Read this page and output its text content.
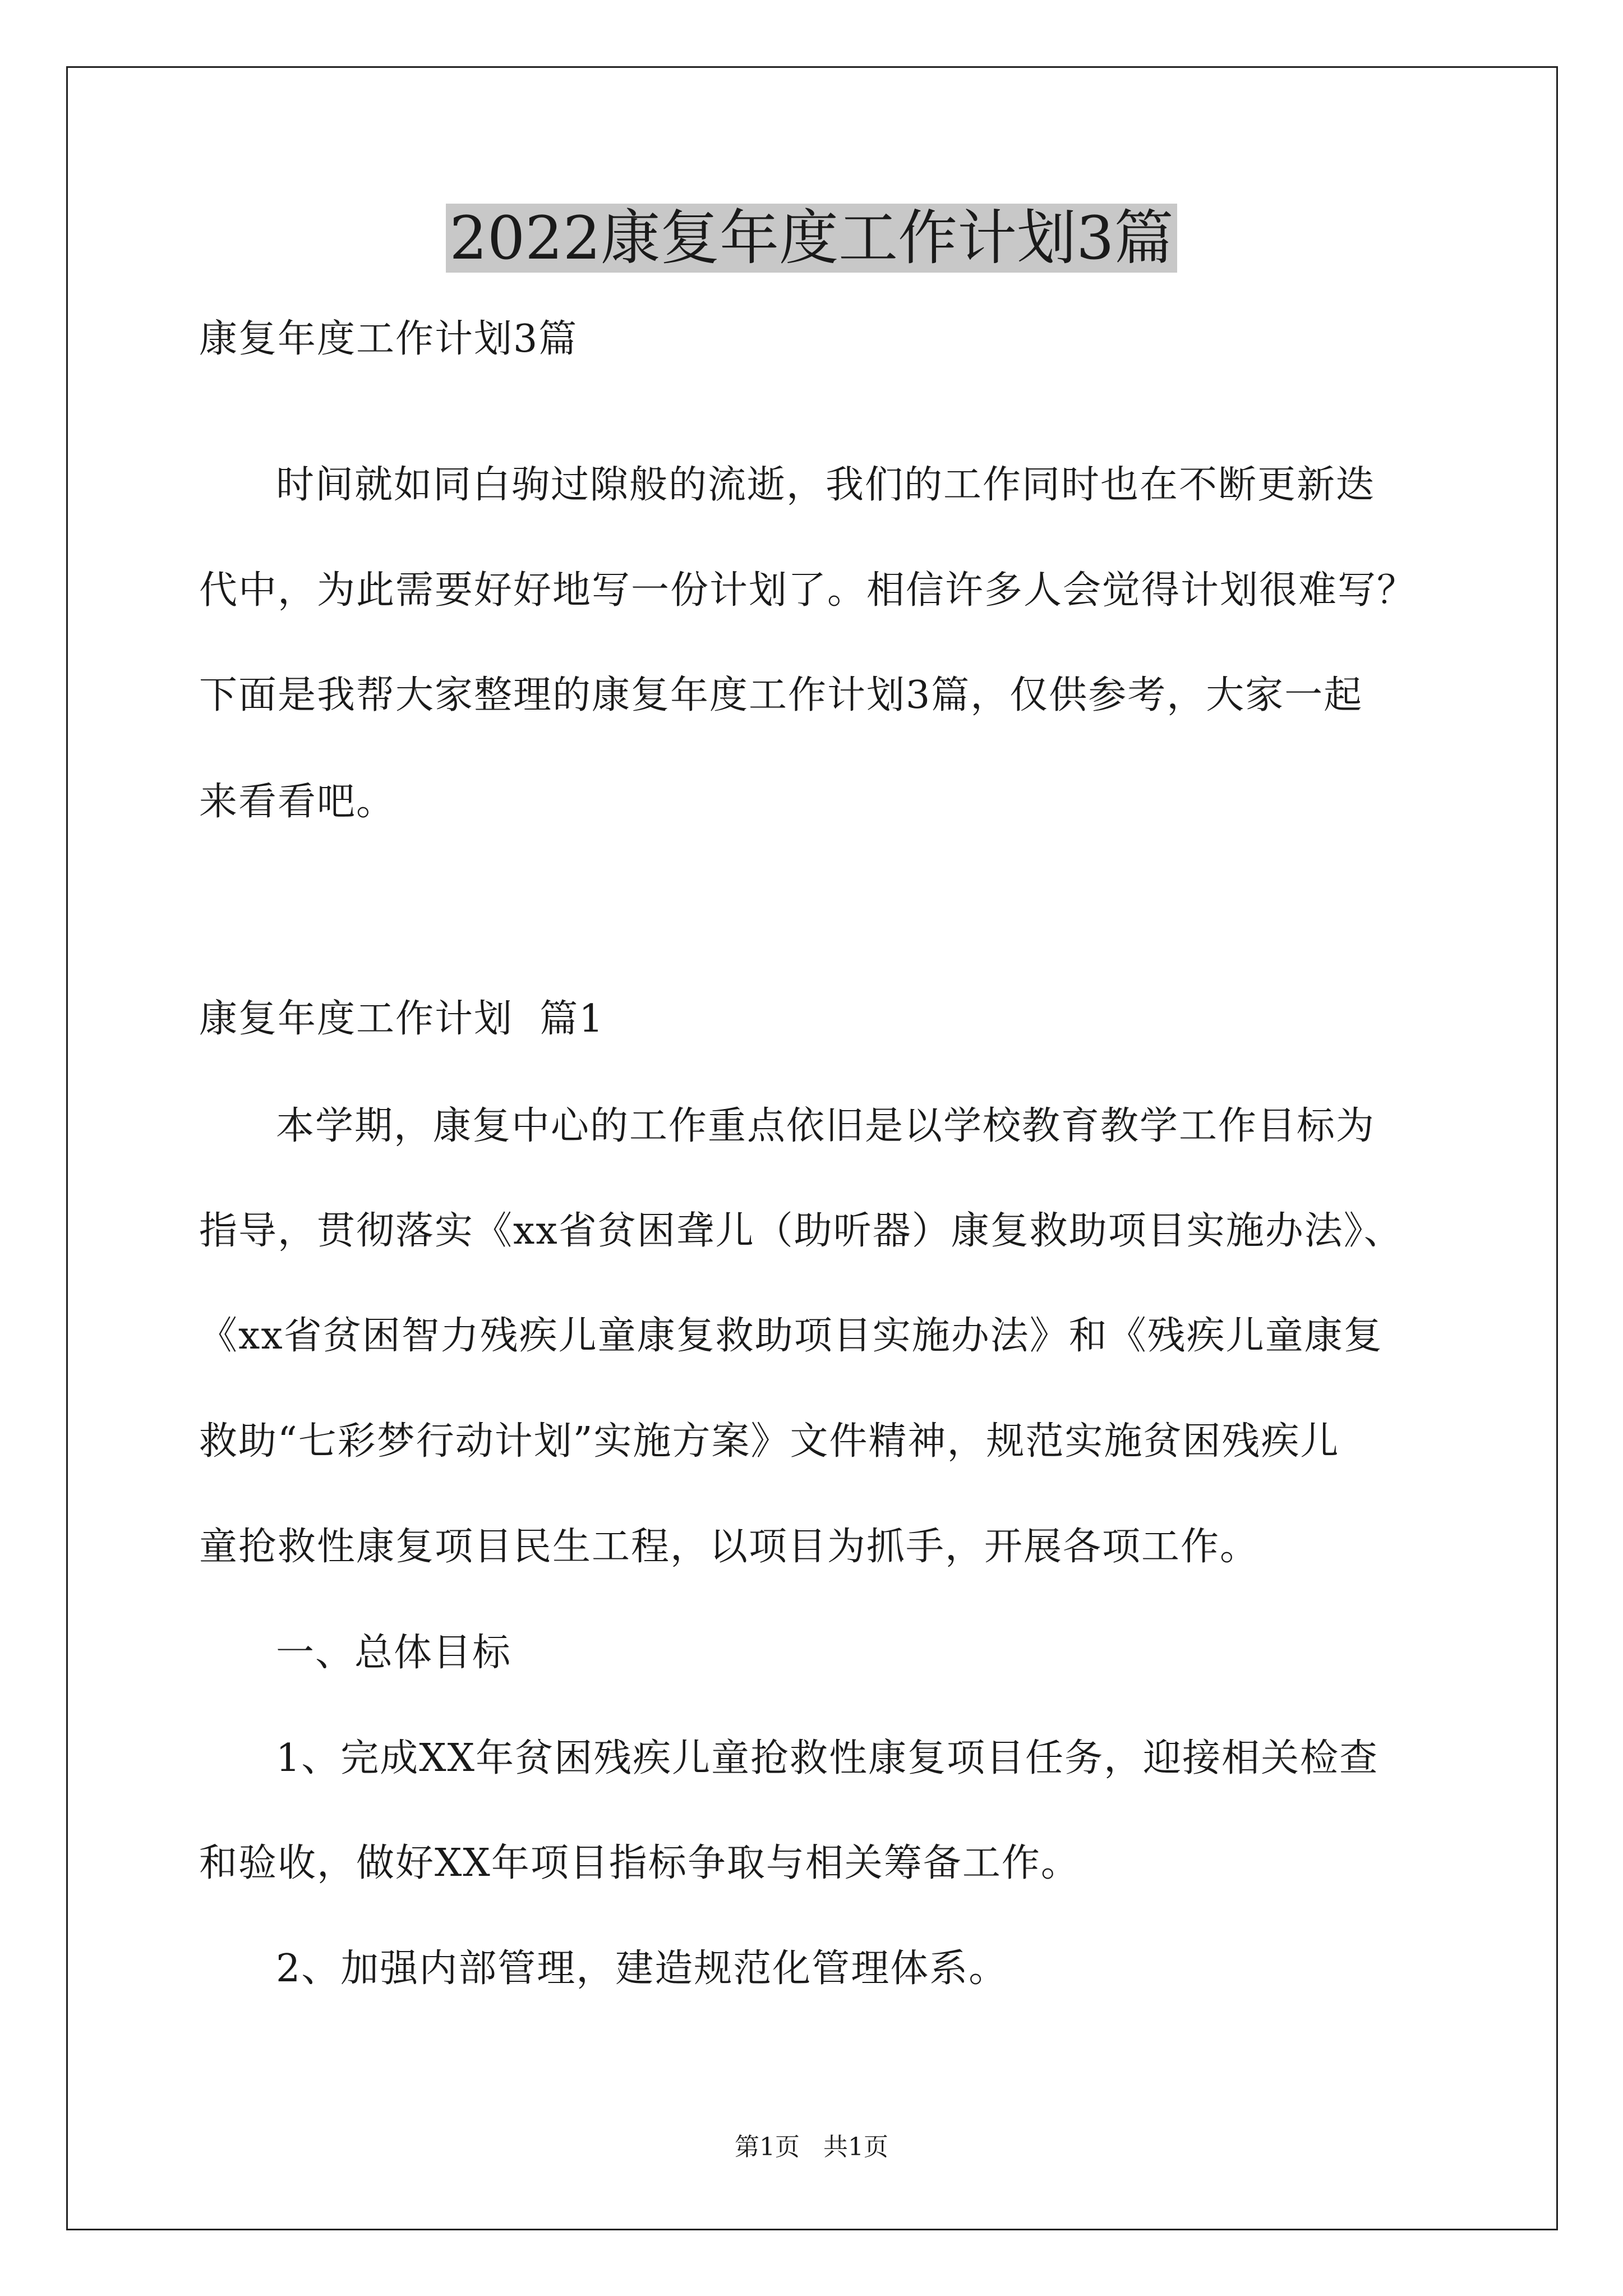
2022康复年度工作计划3篇

康复年度工作计划3篇

时间就如同白驹过隙般的流逝，我们的工作同时也在不断更新迭

代中，为此需要好好地写一份计划了。相信许多人会觉得计划很难写？

下面是我帮大家整理的康复年度工作计划3篇，仅供参考，大家一起

来看看吧。

康复年度工作计划  篇1

本学期，康复中心的工作重点依旧是以学校教育教学工作目标为

指导，贯彻落实《xx省贫困聋儿（助听器）康复救助项目实施办法》、

《xx省贫困智力残疾儿童康复救助项目实施办法》和《残疾儿童康复

救助“七彩梦行动计划”实施方案》文件精神，规范实施贫困残疾儿

童抢救性康复项目民生工程，以项目为抓手，开展各项工作。

一、总体目标

1、完成XX年贫困残疾儿童抢救性康复项目任务，迎接相关检查

和验收，做好XX年项目指标争取与相关筹备工作。

2、加强内部管理，建造规范化管理体系。

第1页   共1页
